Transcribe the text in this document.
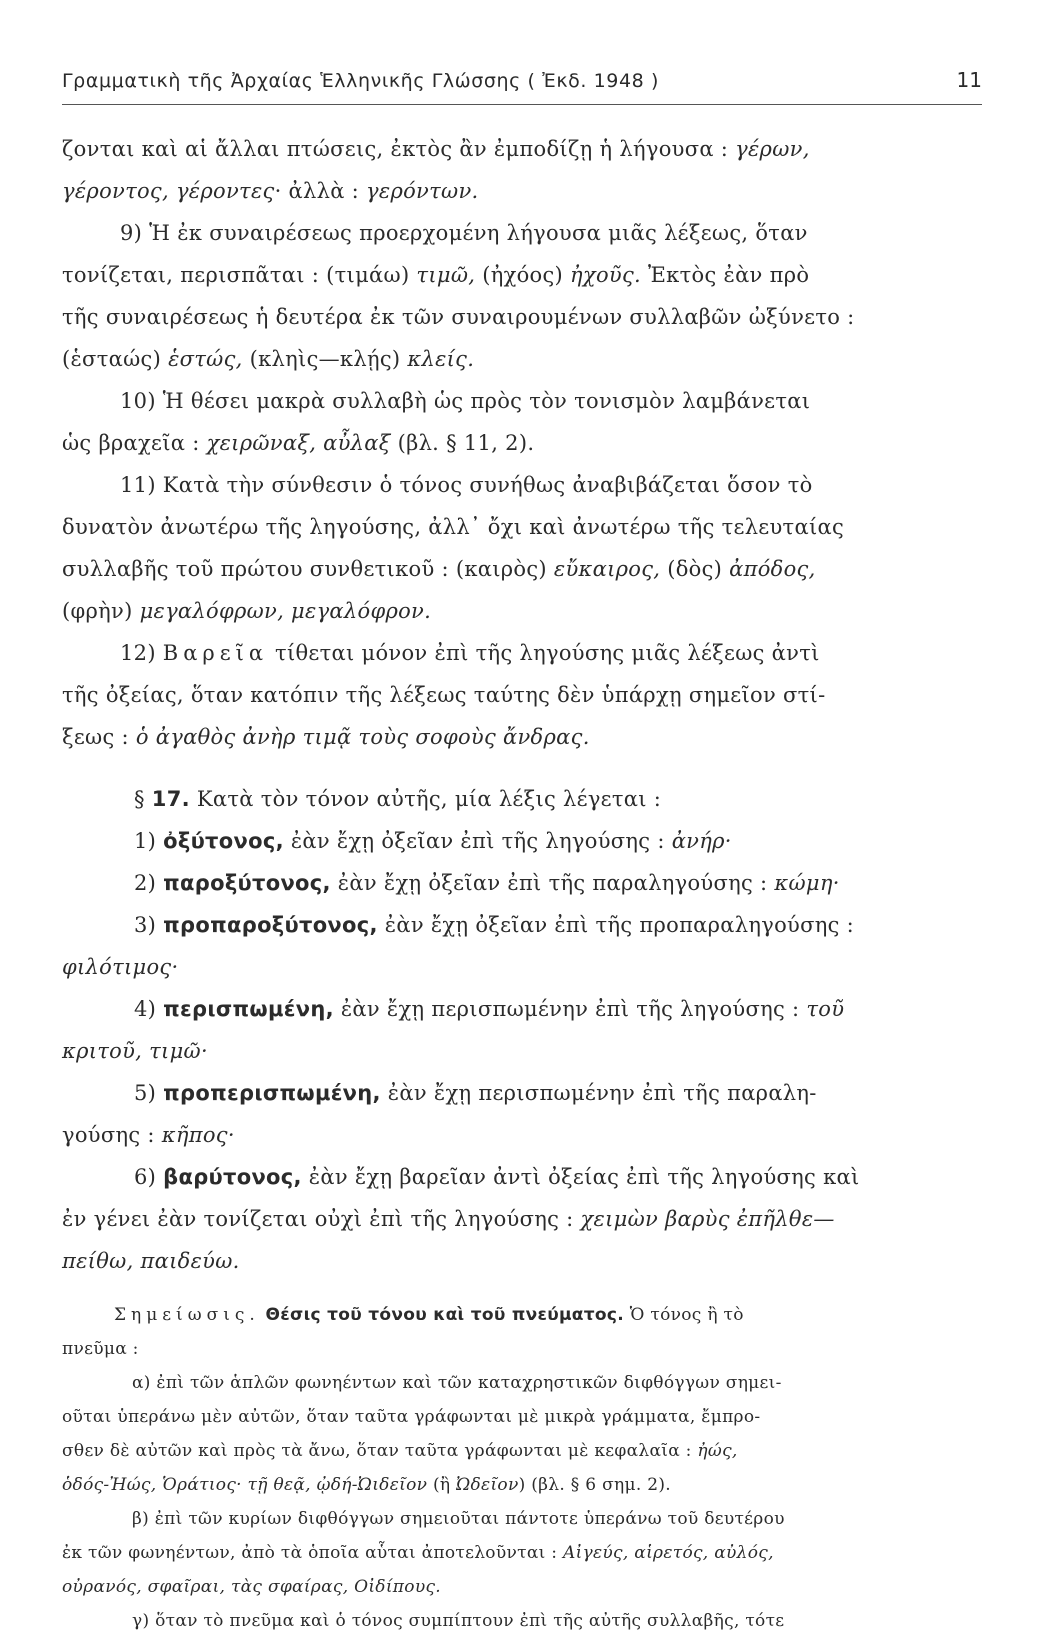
Γραμματικὴ τῆς Ἀρχαίας Ἑλληνικῆς Γλώσσης ( Ἐκδ. 1948 )	11
ζονται καὶ αἱ ἄλλαι πτώσεις, ἐκτὸς ἂν ἐμποδίζῃ ἡ λήγουσα : γέρων,
γέροντος, γέροντες· ἀλλὰ : γερόντων.
9) Ἡ ἐκ συναιρέσεως προερχομένη λήγουσα μιᾶς λέξεως, ὅταν
τονίζεται, περισπᾶται : (τιμάω) τιμῶ, (ἠχόος) ἠχοῦς. Ἐκτὸς ἐὰν πρὸ
τῆς συναιρέσεως ἡ δευτέρα ἐκ τῶν συναιρουμένων συλλαβῶν ὠξύνετο :
(ἑσταώς) ἑστώς, (κληὶς—κλῄς) κλείς.
10) Ἡ θέσει μακρὰ συλλαβὴ ὡς πρὸς τὸν τονισμὸν λαμβάνεται
ὡς βραχεῖα : χειρῶναξ, αὖλαξ (βλ. § 11, 2).
11) Κατὰ τὴν σύνθεσιν ὁ τόνος συνήθως ἀναβιβάζεται ὅσον τὸ
δυνατὸν ἀνωτέρω τῆς ληγούσης, ἀλλ᾽ ὄχι καὶ ἀνωτέρω τῆς τελευταίας
συλλαβῆς τοῦ πρώτου συνθετικοῦ : (καιρὸς) εὔκαιρος, (δὸς) ἀπόδος,
(φρὴν) μεγαλόφρων, μεγαλόφρον.
12) Βαρεῖα τίθεται μόνον ἐπὶ τῆς ληγούσης μιᾶς λέξεως ἀντὶ
τῆς ὀξείας, ὅταν κατόπιν τῆς λέξεως ταύτης δὲν ὑπάρχῃ σημεῖον στί-
ξεως : ὁ ἀγαθὸς ἀνὴρ τιμᾷ τοὺς σοφοὺς ἄνδρας.
§ 17. Κατὰ τὸν τόνον αὐτῆς, μία λέξις λέγεται :
1) ὀξύτονος, ἐὰν ἔχῃ ὀξεῖαν ἐπὶ τῆς ληγούσης : ἀνήρ·
2) παροξύτονος, ἐὰν ἔχῃ ὀξεῖαν ἐπὶ τῆς παραληγούσης : κώμη·
3) προπαροξύτονος, ἐὰν ἔχῃ ὀξεῖαν ἐπὶ τῆς προπαραληγούσης :
φιλότιμος·
4) περισπωμένη, ἐὰν ἔχῃ περισπωμένην ἐπὶ τῆς ληγούσης : τοῦ
κριτοῦ, τιμῶ·
5) προπερισπωμένη, ἐὰν ἔχῃ περισπωμένην ἐπὶ τῆς παραλη-
γούσης : κῆπος·
6) βαρύτονος, ἐὰν ἔχῃ βαρεῖαν ἀντὶ ὀξείας ἐπὶ τῆς ληγούσης καὶ
ἐν γένει ἐὰν τονίζεται οὐχὶ ἐπὶ τῆς ληγούσης : χειμὼν βαρὺς ἐπῆλθε—
πείθω, παιδεύω.
Σημείωσις. Θέσις τοῦ τόνου καὶ τοῦ πνεύματος. Ὁ τόνος ἢ τὸ
πνεῦμα :
α) ἐπὶ τῶν ἁπλῶν φωνηέντων καὶ τῶν καταχρηστικῶν διφθόγγων σημει-
οῦται ὑπεράνω μὲν αὐτῶν, ὅταν ταῦτα γράφωνται μὲ μικρὰ γράμματα, ἔμπρο-
σθεν δὲ αὐτῶν καὶ πρὸς τὰ ἄνω, ὅταν ταῦτα γράφωνται μὲ κεφαλαῖα : ἠώς,
ὁδός-Ἠώς, Ὁράτιος· τῇ θεᾷ, ᾠδή-Ὠιδεῖον (ἢ Ὠδεῖον) (βλ. § 6 σημ. 2).
β) ἐπὶ τῶν κυρίων διφθόγγων σημειοῦται πάντοτε ὑπεράνω τοῦ δευτέρου
ἐκ τῶν φωνηέντων, ἀπὸ τὰ ὁποῖα αὗται ἀποτελοῦνται : Αἰγεύς, αἱρετός, αὐλός,
οὐρανός, σφαῖραι, τὰς σφαίρας, Οἰδίπους.
γ) ὅταν τὸ πνεῦμα καὶ ὁ τόνος συμπίπτουν ἐπὶ τῆς αὐτῆς συλλαβῆς, τότε
